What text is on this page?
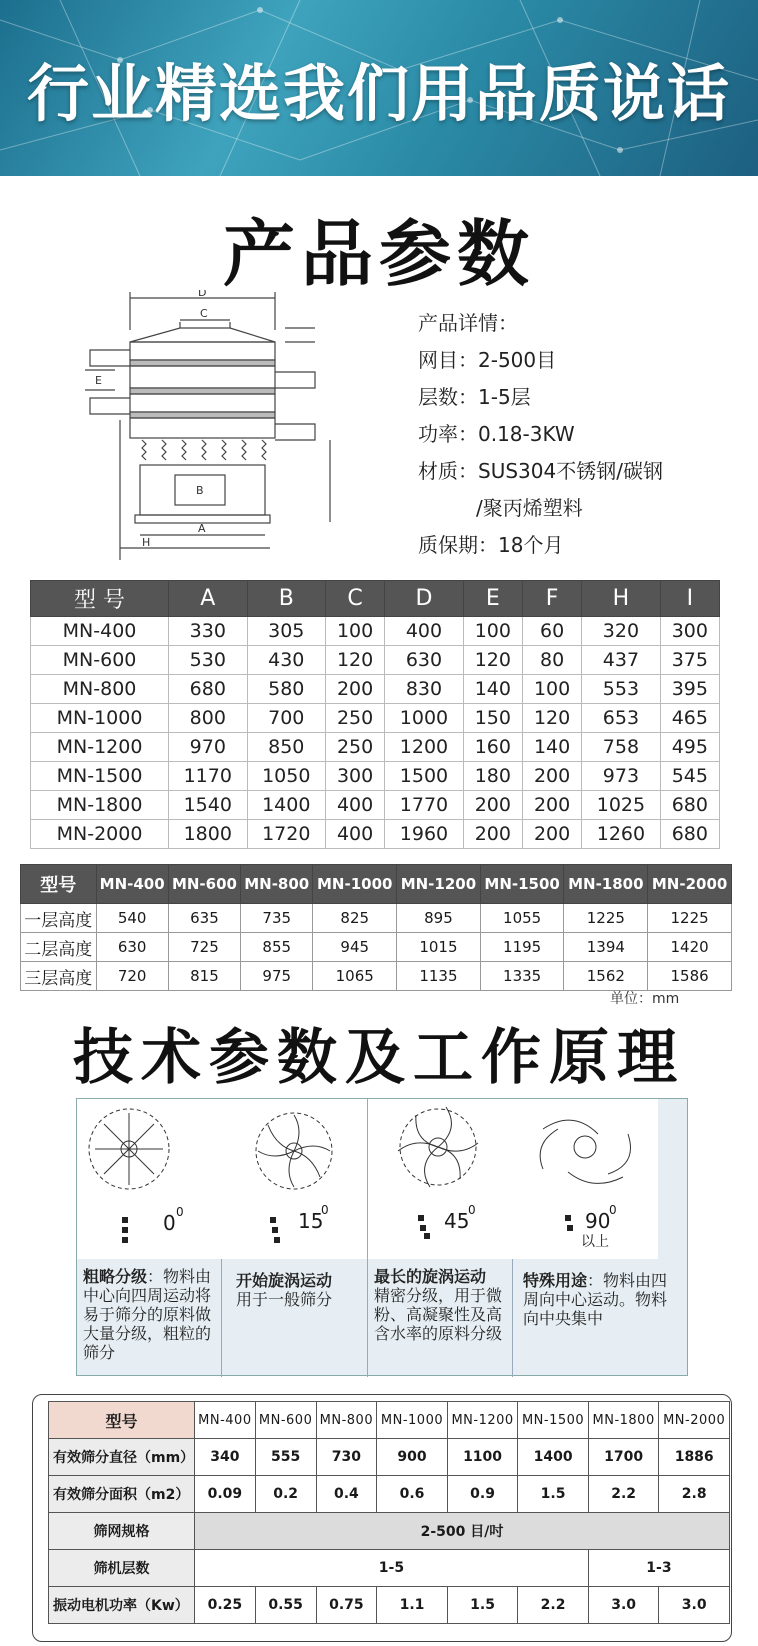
行业精选我们用品质说话
产品参数
D
C
E
B
A
H
产品详情：
网目：2-500目
层数：1-5层
功率：0.18-3KW
材质：SUS304不锈钢/碳钢
/聚丙烯塑料
质保期：18个月
型 号	A	B	C	D	E	F	H	I
MN-400	330	305	100	400	100	60	320	300
MN-600	530	430	120	630	120	80	437	375
MN-800	680	580	200	830	140	100	553	395
MN-1000	800	700	250	1000	150	120	653	465
MN-1200	970	850	250	1200	160	140	758	495
MN-1500	1170	1050	300	1500	180	200	973	545
MN-1800	1540	1400	400	1770	200	200	1025	680
MN-2000	1800	1720	400	1960	200	200	1260	680
型号	MN-400	MN-600	MN-800	MN-1000	MN-1200	MN-1500	MN-1800	MN-2000
一层高度	540	635	735	825	895	1055	1225	1225
二层高度	630	725	855	945	1015	1195	1394	1420
三层高度	720	815	975	1065	1135	1335	1562	1586
单位：mm
技术参数及工作原理
0 0
粗略分级：物料由中心向四周运动将易于筛分的原料做大量分级，粗粒的筛分
15
0
开始旋涡运动
用于一般筛分
45
0
最长的旋涡运动
精密分级，用于微粉、高凝聚性及高含水率的原料分级
90
0
以上
特殊用途：物料由四周向中心运动。物料向中央集中
型号	MN-400	MN-600	MN-800	MN-1000	MN-1200	MN-1500	MN-1800	MN-2000
有效筛分直径（mm）	340	555	730	900	1100	1400	1700	1886
有效筛分面积（m2）	0.09	0.2	0.4	0.6	0.9	1.5	2.2	2.8
筛网规格	2-500 目/吋							
筛机层数	1-5						1-3	
振动电机功率（Kw）	0.25	0.55	0.75	1.1	1.5	2.2	3.0	3.0
